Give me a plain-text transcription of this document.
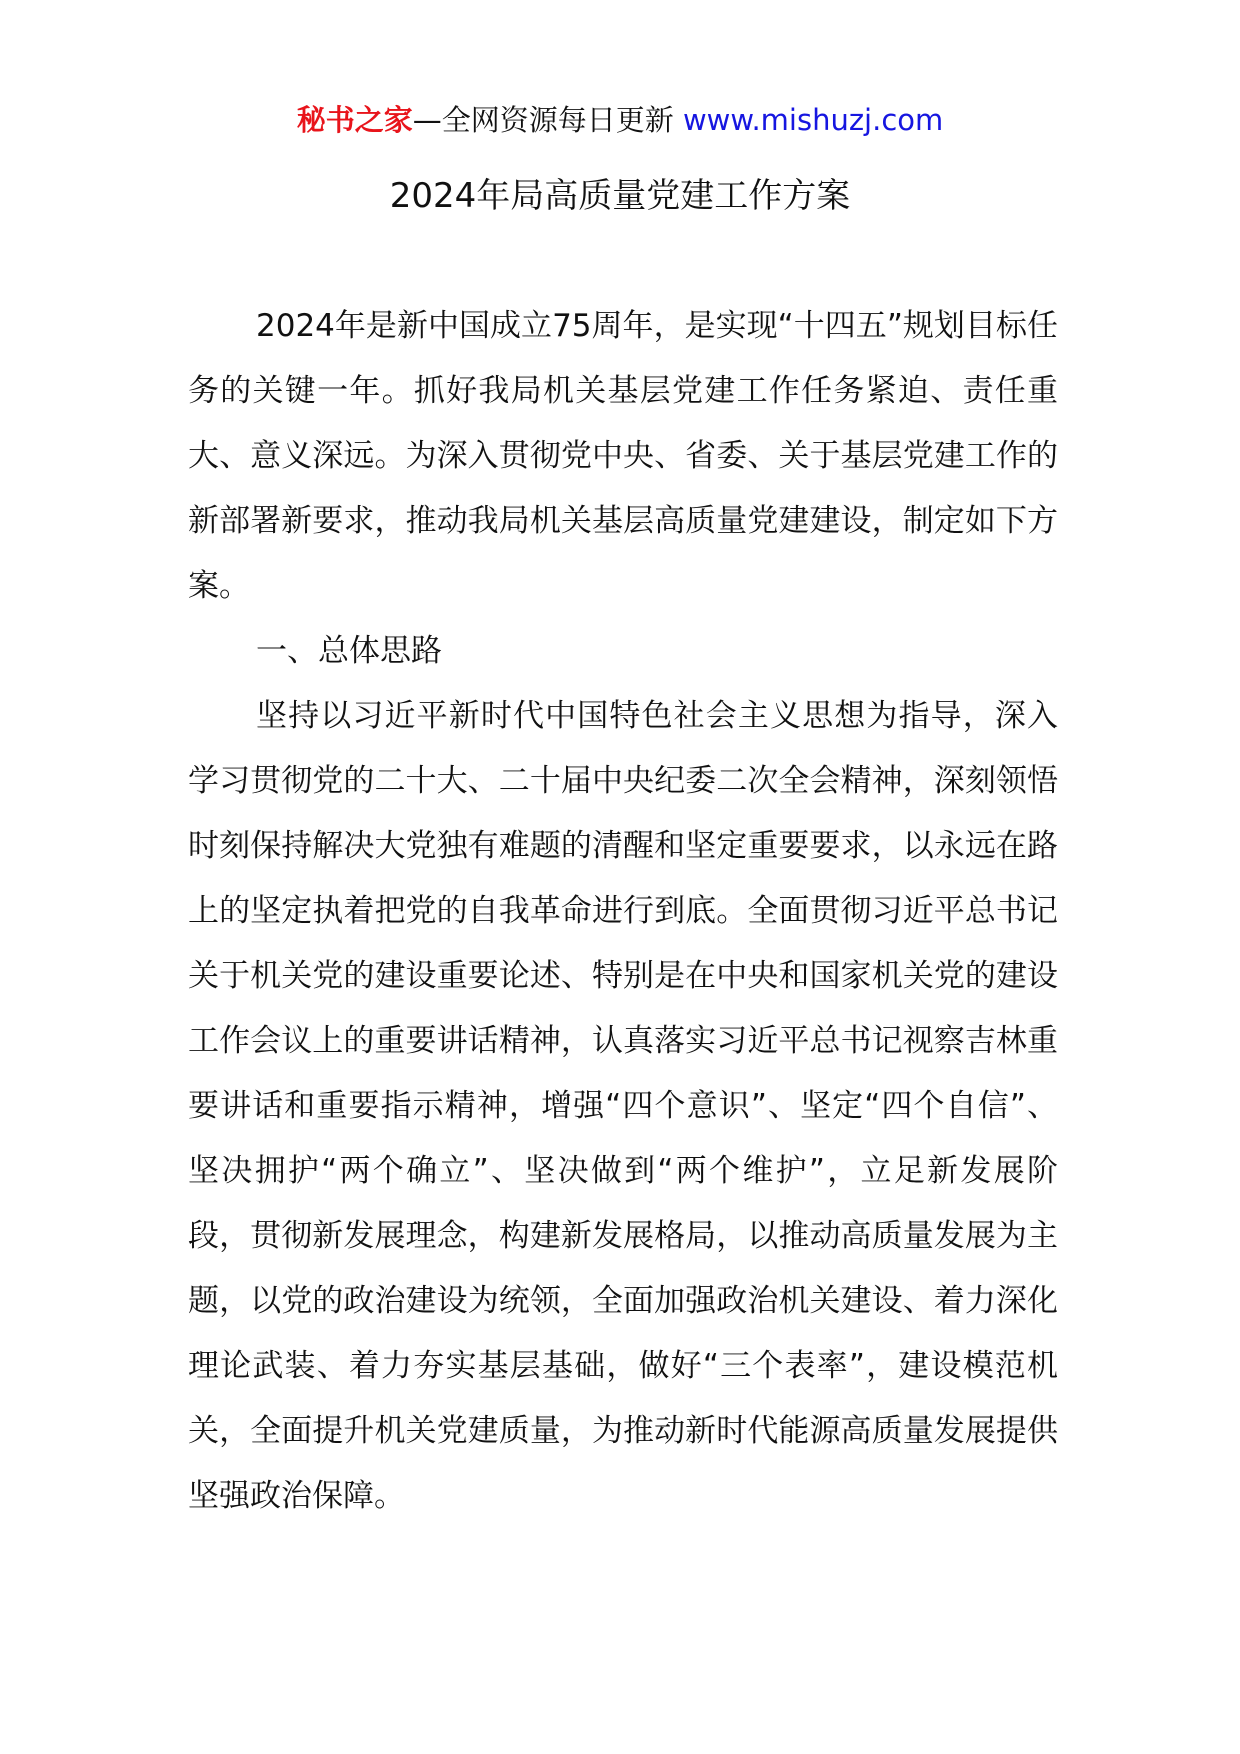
秘书之家—全网资源每日更新 www.mishuzj.com
2024年局高质量党建工作方案

2024年是新中国成立75周年，是实现“十四五”规划目标任务的关键一年。抓好我局机关基层党建工作任务紧迫、责任重大、意义深远。为深入贯彻党中央、省委、关于基层党建工作的新部署新要求，推动我局机关基层高质量党建建设，制定如下方案。

一、总体思路

坚持以习近平新时代中国特色社会主义思想为指导，深入学习贯彻党的二十大、二十届中央纪委二次全会精神，深刻领悟时刻保持解决大党独有难题的清醒和坚定重要要求，以永远在路上的坚定执着把党的自我革命进行到底。全面贯彻习近平总书记关于机关党的建设重要论述、特别是在中央和国家机关党的建设工作会议上的重要讲话精神，认真落实习近平总书记视察吉林重要讲话和重要指示精神，增强“四个意识”、坚定“四个自信”、坚决拥护“两个确立”、坚决做到“两个维护”，立足新发展阶段，贯彻新发展理念，构建新发展格局，以推动高质量发展为主题，以党的政治建设为统领，全面加强政治机关建设、着力深化理论武装、着力夯实基层基础，做好“三个表率”，建设模范机关，全面提升机关党建质量，为推动新时代能源高质量发展提供坚强政治保障。
